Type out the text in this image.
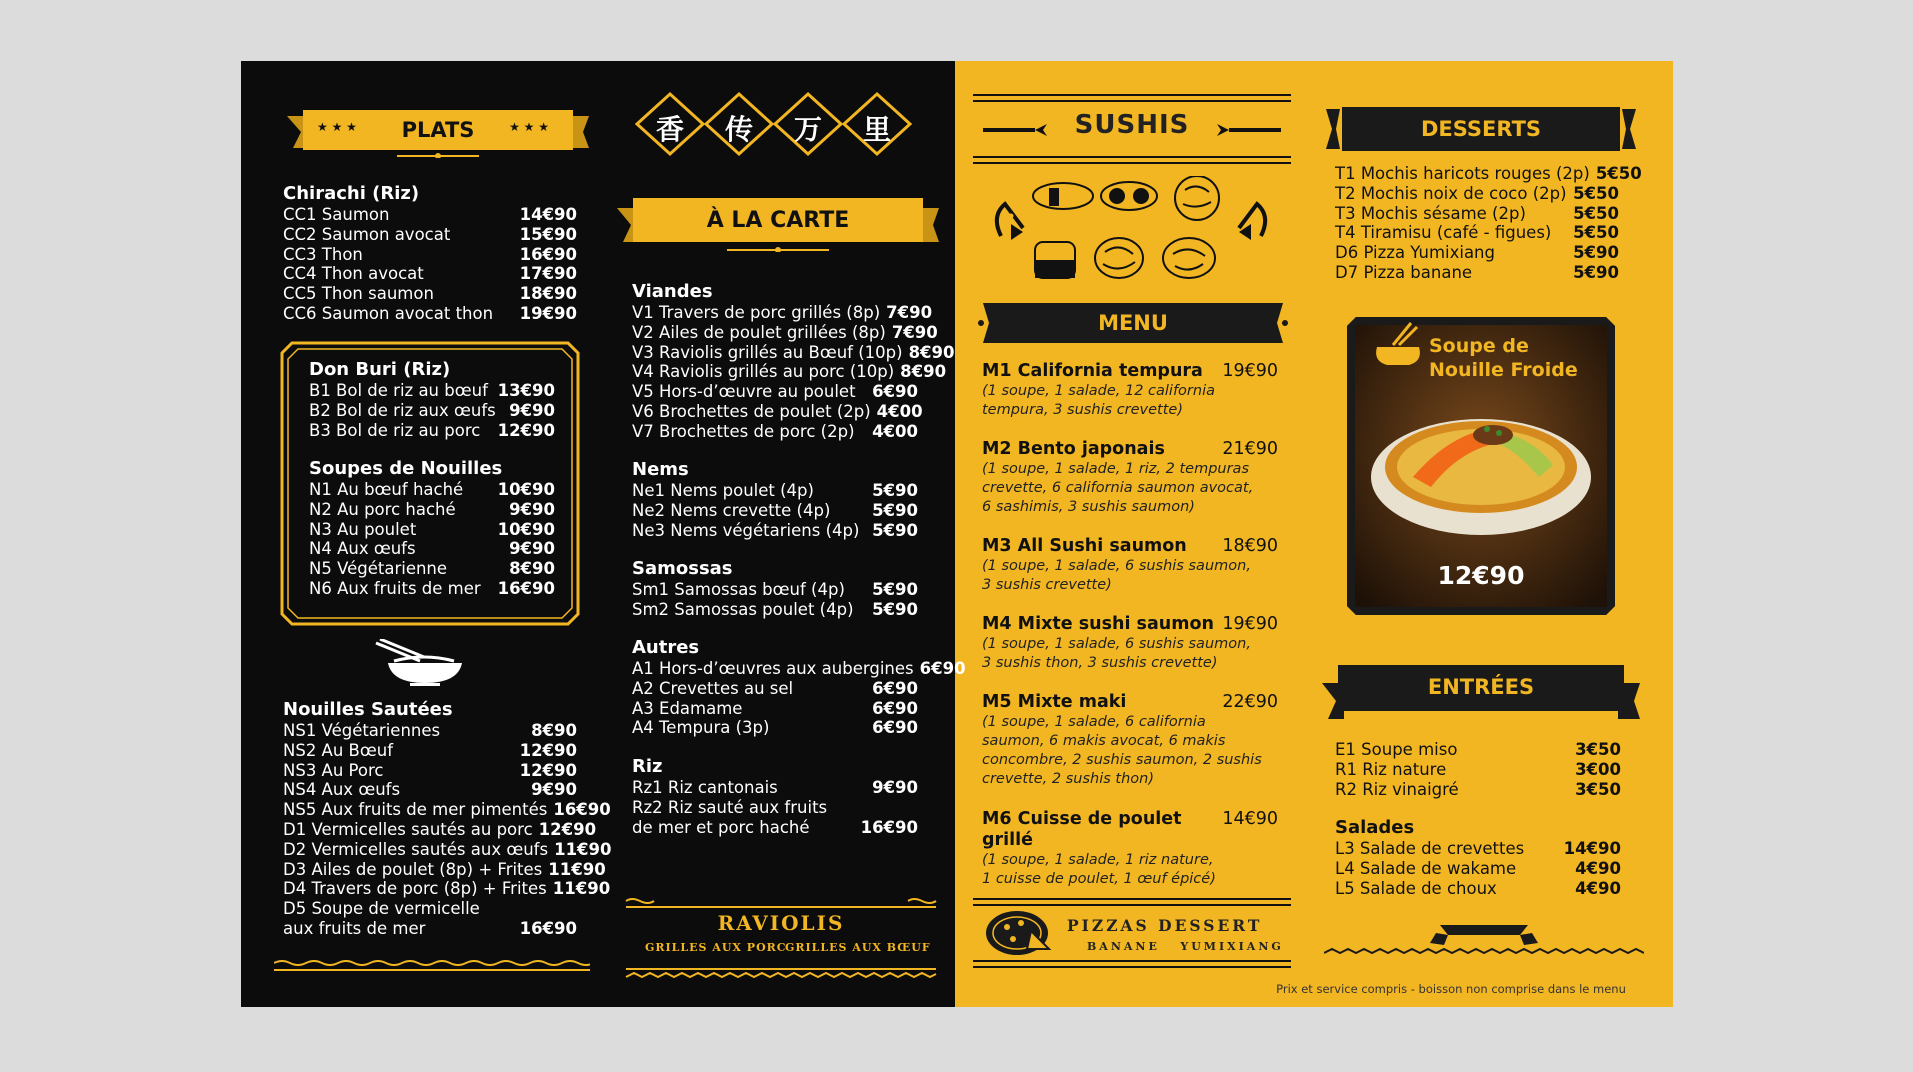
★ ★ ★	PLATS	★ ★ ★
Chirachi (Riz)
CC1 Saumon	14€90
CC2 Saumon avocat	15€90
CC3 Thon	16€90
CC4 Thon avocat	17€90
CC5 Thon saumon	18€90
CC6 Saumon avocat thon	19€90
Don Buri (Riz)
B1 Bol de riz au bœuf 13€90
B2 Bol de riz aux œufs 9€90
B3 Bol de riz au porc	12€90
Soupes de Nouilles
N1 Au bœuf haché	10€90
N2 Au porc haché	9€90
N3 Au poulet	10€90
N4 Aux œufs	9€90
N5 Végétarienne	8€90
N6 Aux fruits de mer	16€90
Nouilles Sautées
NS1 Végétariennes	8€90
NS2 Au Bœuf	12€90
NS3 Au Porc	12€90
NS4 Aux œufs	9€90
NS5 Aux fruits de mer pimentés 16€90
D1 Vermicelles sautés au porc 12€90
D2 Vermicelles sautés aux œufs 11€90
D3 Ailes de poulet (8p) + Frites 11€90
D4 Travers de porc (8p) + Frites 11€90
D5 Soupe de vermicelle
aux fruits de mer	16€90
香 传 万 里
À LA CARTE
Viandes
V1 Travers de porc grillés (8p) 7€90
V2 Ailes de poulet grillées (8p) 7€90
V3 Raviolis grillés au Bœuf (10p) 8€90
V4 Raviolis grillés au porc (10p) 8€90
V5 Hors-d’œuvre au poulet	6€90
V6 Brochettes de poulet (2p) 4€00
V7 Brochettes de porc (2p)	4€00
Nems
Ne1 Nems poulet (4p)	5€90
Ne2 Nems crevette (4p)	5€90
Ne3 Nems végétariens (4p) 5€90
Samossas
Sm1 Samossas bœuf (4p)	5€90
Sm2 Samossas poulet (4p)	5€90
Autres
A1 Hors-d’œuvres aux aubergines 6€90
A2 Crevettes au sel	6€90
A3 Edamame	6€90
A4 Tempura (3p)	6€90
Riz
Rz1 Riz cantonais	9€90
Rz2 Riz sauté aux fruits
de mer et porc haché	16€90
RAVIOLIS
GRILLES AUX PORC
GRILLES AUX BŒUF
SUSHIS
MENU
M1 California tempura 19€90
(1 soupe, 1 salade, 12 california
tempura, 3 sushis crevette)
M2 Bento japonais	21€90
(1 soupe, 1 salade, 1 riz, 2 tempuras
crevette, 6 california saumon avocat,
6 sashimis, 3 sushis saumon)
M3 All Sushi saumon 18€90
(1 soupe, 1 salade, 6 sushis saumon,
3 sushis crevette)
M4 Mixte sushi saumon 19€90
(1 soupe, 1 salade, 6 sushis saumon,
3 sushis thon, 3 sushis crevette)
M5 Mixte maki	22€90
(1 soupe, 1 salade, 6 california
saumon, 6 makis avocat, 6 makis
concombre, 2 sushis saumon, 2 sushis
crevette, 2 sushis thon)
M6 Cuisse de poulet grillé
14€90
(1 soupe, 1 salade, 1 riz nature,
1 cuisse de poulet, 1 œuf épicé)
PIZZAS DESSERT
BANANE   YUMIXIANG
DESSERTS
T1 Mochis haricots rouges (2p) 5€50
T2 Mochis noix de coco (2p) 5€50
T3 Mochis sésame (2p)	5€50
T4 Tiramisu (café - figues)	5€50
D6 Pizza Yumixiang	5€90
D7 Pizza banane	5€90
Soupe de
Nouille Froide
12€90
ENTRÉES
E1 Soupe miso	3€50
R1 Riz nature	3€00
R2 Riz vinaigré	3€50
Salades
L3 Salade de crevettes	14€90
L4 Salade de wakame	4€90
L5 Salade de choux	4€90
Prix et service compris - boisson non comprise dans le menu
